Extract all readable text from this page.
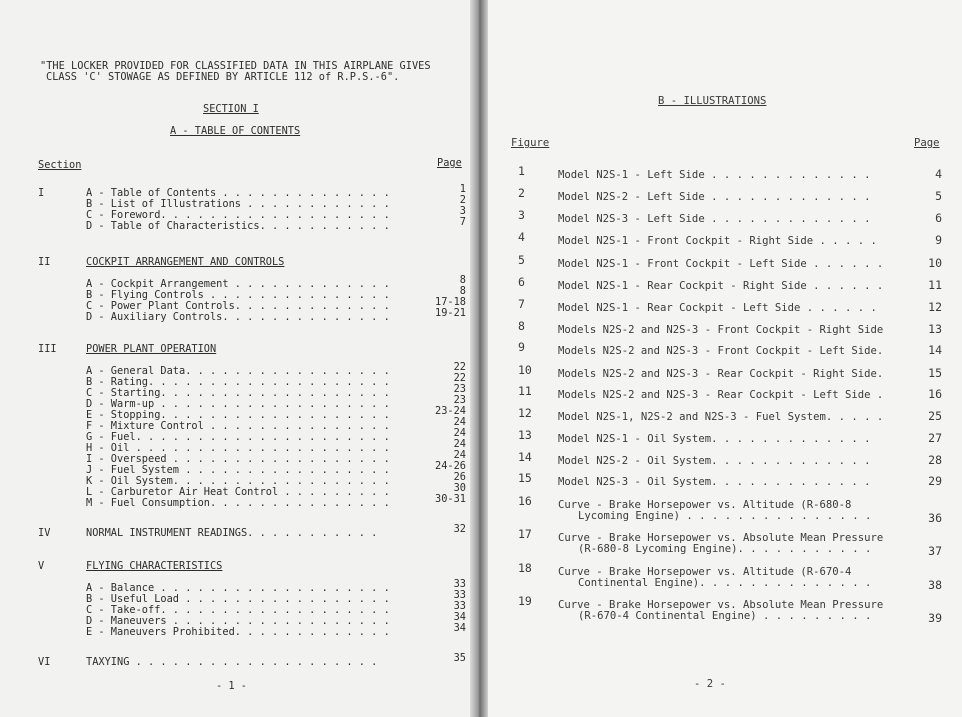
"THE LOCKER PROVIDED FOR CLASSIFIED DATA IN THIS AIRPLANE GIVES
CLASS 'C' STOWAGE AS DEFINED BY ARTICLE 112 of R.P.S.-6".
SECTION I
A - TABLE OF CONTENTS
Section	Page
I	A - Table of Contents . . . . . . . . . . . . . .	1
B - List of Illustrations . . . . . . . . . . . .	2
C - Foreword. . . . . . . . . . . . . . . . . . .	3
D - Table of Characteristics. . . . . . . . . . .	7
II	COCKPIT ARRANGEMENT AND CONTROLS
A - Cockpit Arrangement . . . . . . . . . . . . .	8
B - Flying Controls . . . . . . . . . . . . . . .	8
C - Power Plant Controls. . . . . . . . . . . . .	17-18
D - Auxiliary Controls. . . . . . . . . . . . . .	19-21
III	POWER PLANT OPERATION
A - General Data. . . . . . . . . . . . . . . . .	22
B - Rating. . . . . . . . . . . . . . . . . . . .	22
C - Starting. . . . . . . . . . . . . . . . . . .	23
D - Warm-up . . . . . . . . . . . . . . . . . . .	23
E - Stopping. . . . . . . . . . . . . . . . . . .	23-24
F - Mixture Control . . . . . . . . . . . . . . .	24
G - Fuel. . . . . . . . . . . . . . . . . . . . .	24
H - Oil . . . . . . . . . . . . . . . . . . . . .	24
I - Overspeed . . . . . . . . . . . . . . . . . .	24
J - Fuel System . . . . . . . . . . . . . . . . .	24-26
K - Oil System. . . . . . . . . . . . . . . . . .	26
L - Carburetor Air Heat Control . . . . . . . . .	30
M - Fuel Consumption. . . . . . . . . . . . . . .	30-31
IV	NORMAL INSTRUMENT READINGS. . . . . . . . . . .	32
V	FLYING CHARACTERISTICS
A - Balance . . . . . . . . . . . . . . . . . . .	33
B - Useful Load . . . . . . . . . . . . . . . . .	33
C - Take-off. . . . . . . . . . . . . . . . . . .	33
D - Maneuvers . . . . . . . . . . . . . . . . . .	34
E - Maneuvers Prohibited. . . . . . . . . . . . .	34
VI	TAXYING . . . . . . . . . . . . . . . . . . . .	35
- 1 -
B - ILLUSTRATIONS
Figure	Page
1	Model N2S-1 - Left Side . . . . . . . . . . . . .	4
2	Model N2S-2 - Left Side . . . . . . . . . . . . .	5
3	Model N2S-3 - Left Side . . . . . . . . . . . . .	6
4	Model N2S-1 - Front Cockpit - Right Side . . . . .	9
5	Model N2S-1 - Front Cockpit - Left Side . . . . . .	10
6	Model N2S-1 - Rear Cockpit - Right Side . . . . . .	11
7	Model N2S-1 - Rear Cockpit - Left Side . . . . . .	12
8	Models N2S-2 and N2S-3 - Front Cockpit - Right Side	13
9	Models N2S-2 and N2S-3 - Front Cockpit - Left Side.	14
10 Models N2S-2 and N2S-3 - Rear Cockpit - Right Side.	15
11 Models N2S-2 and N2S-3 - Rear Cockpit - Left Side .	16
12 Model N2S-1, N2S-2 and N2S-3 - Fuel System. . . . .	25
13 Model N2S-1 - Oil System. . . . . . . . . . . . .	27
14 Model N2S-2 - Oil System. . . . . . . . . . . . .	28
15 Model N2S-3 - Oil System. . . . . . . . . . . . .	29
16 Curve - Brake Horsepower vs. Altitude (R-680-8
Lycoming Engine) . . . . . . . . . . . . . . .	36
17 Curve - Brake Horsepower vs. Absolute Mean Pressure
(R-680-8 Lycoming Engine). . . . . . . . . . .	37
18 Curve - Brake Horsepower vs. Altitude (R-670-4
Continental Engine). . . . . . . . . . . . . .	38
19 Curve - Brake Horsepower vs. Absolute Mean Pressure
(R-670-4 Continental Engine) . . . . . . . . .	39
- 2 -
